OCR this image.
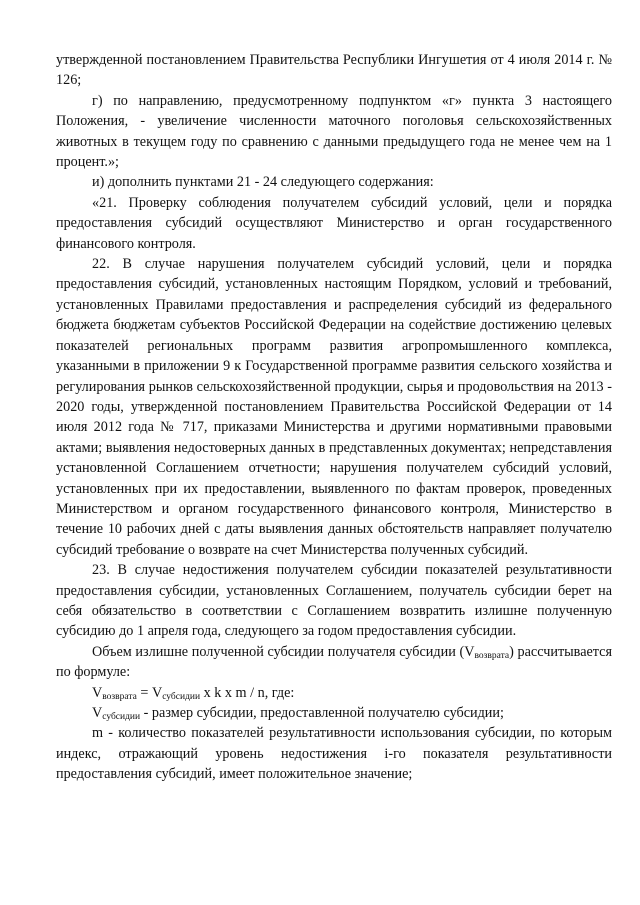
утвержденной постановлением Правительства Республики Ингушетия от 4 июля 2014 г. № 126;

г) по направлению, предусмотренному подпунктом «г» пункта 3 настоящего Положения, - увеличение численности маточного поголовья сельскохозяйственных животных в текущем году по сравнению с данными предыдущего года не менее чем на 1 процент.»;

и) дополнить пунктами 21 - 24 следующего содержания:

«21. Проверку соблюдения получателем субсидий условий, цели и порядка предоставления субсидий осуществляют Министерство и орган государственного финансового контроля.

22. В случае нарушения получателем субсидий условий, цели и порядка предоставления субсидий, установленных настоящим Порядком, условий и требований, установленных Правилами предоставления и распределения субсидий из федерального бюджета бюджетам субъектов Российской Федерации на содействие достижению целевых показателей региональных программ развития агропромышленного комплекса, указанными в приложении 9 к Государственной программе развития сельского хозяйства и регулирования рынков сельскохозяйственной продукции, сырья и продовольствия на 2013 - 2020 годы, утвержденной постановлением Правительства Российской Федерации от 14 июля 2012 года № 717, приказами Министерства и другими нормативными правовыми актами; выявления недостоверных данных в представленных документах; непредставления установленной Соглашением отчетности; нарушения получателем субсидий условий, установленных при их предоставлении, выявленного по фактам проверок, проведенных Министерством и органом государственного финансового контроля, Министерство в течение 10 рабочих дней с даты выявления данных обстоятельств направляет получателю субсидий требование о возврате на счет Министерства полученных субсидий.

23. В случае недостижения получателем субсидии показателей результативности предоставления субсидии, установленных Соглашением, получатель субсидии берет на себя обязательство в соответствии с Соглашением возвратить излишне полученную субсидию до 1 апреля года, следующего за годом предоставления субсидии.

Объем излишне полученной субсидии получателя субсидии $(V_{возврата})$ рассчитывается по формуле:

$V_{возврата} = V_{субсидии}$ x k x m / n, где:

$V_{субсидии}$ - размер субсидии, предоставленной получателю субсидии;

m - количество показателей результативности использования субсидии, по которым индекс, отражающий уровень недостижения i-го показателя результативности предоставления субсидий, имеет положительное значение;
